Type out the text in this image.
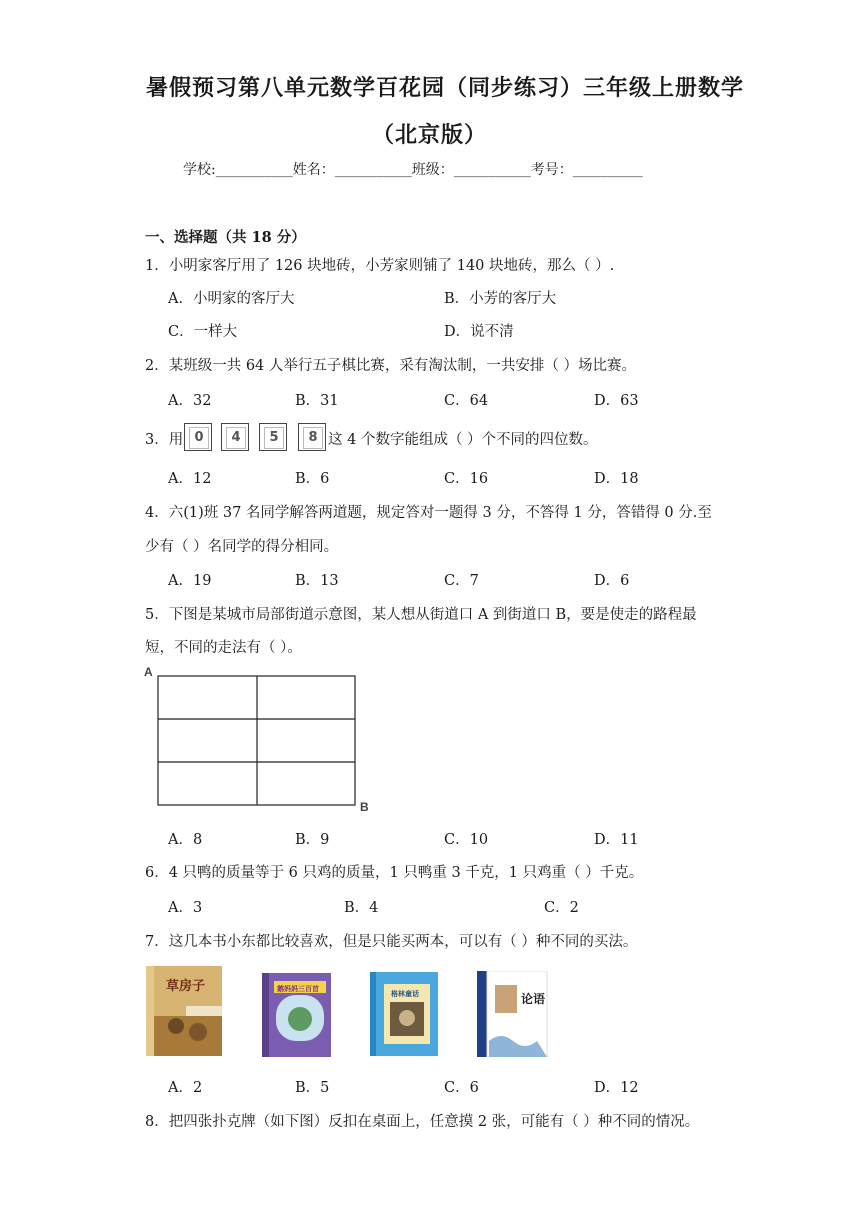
暑假预习第八单元数学百花园（同步练习）三年级上册数学
（北京版）
学校:___________姓名：___________班级：___________考号：__________
一、选择题（共 18 分）
1．小明家客厅用了 126 块地砖，小芳家则铺了 140 块地砖，那么（ ）.
A．小明家的客厅大	B．小芳的客厅大
C．一样大	D．说不清
2．某班级一共 64 人举行五子棋比赛，采有淘汰制，一共安排（ ）场比赛。
A．32	B．31	C．64	D．63
3．用 0	4	5	8 这 4 个数字能组成（ ）个不同的四位数。
A．12	B．6	C．16	D．18
4．六(1)班 37 名同学解答两道题，规定答对一题得 3 分，不答得 1 分，答错得 0 分.至
少有（ ）名同学的得分相同。
A．19	B．13	C．7	D．6
5．下图是某城市局部街道示意图，某人想从街道口 A 到街道口 B，要是使走的路程最
短，不同的走法有（ ）。
A
B
A．8	B．9	C．10	D．11
6．4 只鸭的质量等于 6 只鸡的质量，1 只鸭重 3 千克，1 只鸡重（ ）千克。
A．3	B．4	C．2
7．这几本书小东都比较喜欢，但是只能买两本，可以有（ ）种不同的买法。
草房子	鹅妈妈三百首
格林童话	论语
A．2	B．5	C．6	D．12
8．把四张扑克牌（如下图）反扣在桌面上，任意摸 2 张，可能有（ ）种不同的情况。
